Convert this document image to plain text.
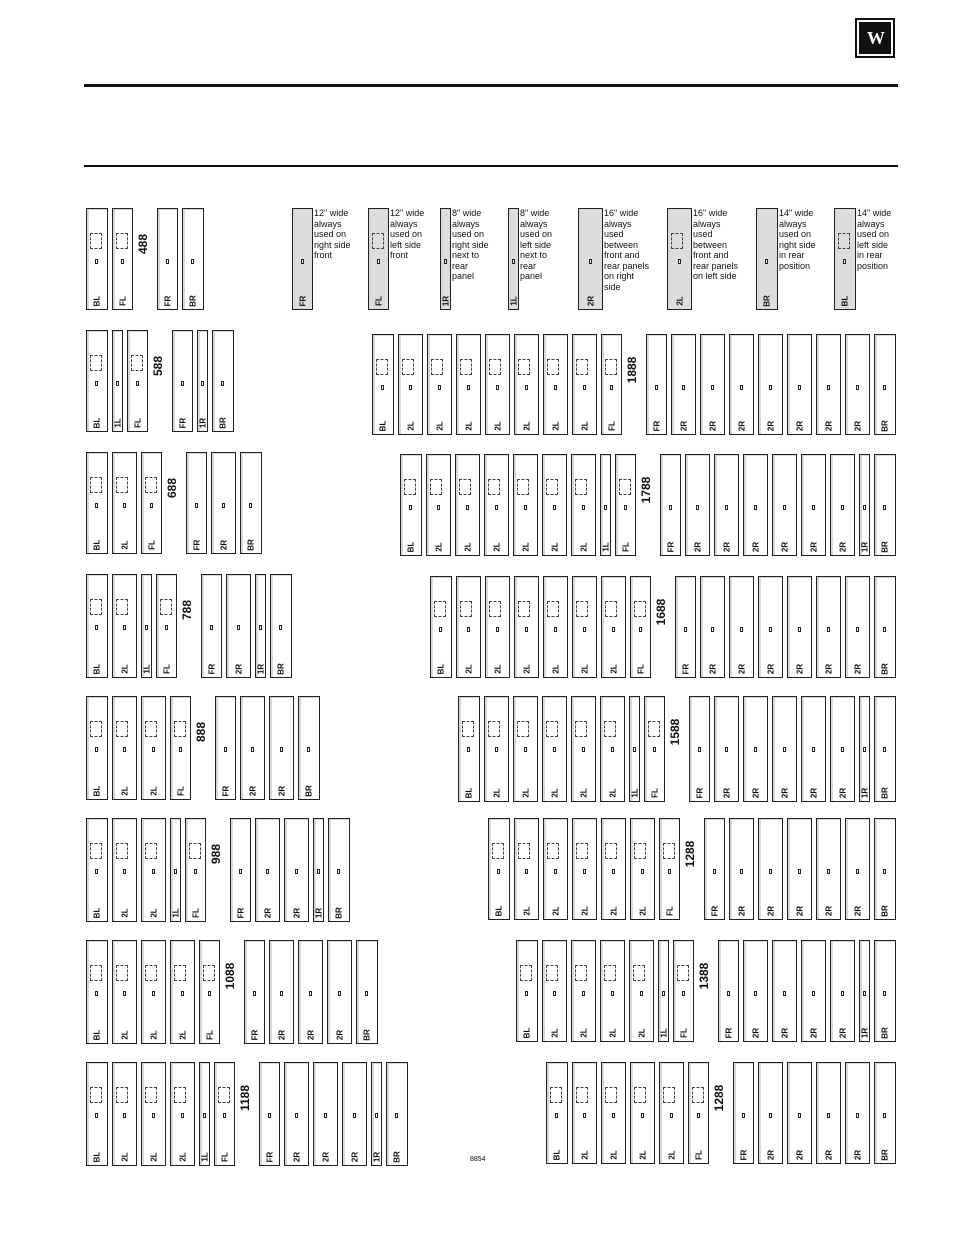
W
FR
12" wide
always
used on
right side
front
FL
12" wide
always
used on
left side
front
1R
8" wide
always
used on
right side
next to
rear
panel
1L
8" wide
always
used on
left side
next to
rear
panel
2R
16" wide
always
used
between
front and
rear panels
on right
side
2L
16" wide
always
used
between
front and
rear panels
on left side
BR
14" wide
always
used on
right side
in rear
position
BL
14" wide
always
used on
left side
in rear
position
BL FL
488
FR BR
BL 1L FL
588
FR 1R BR
BL 2L FL
688
FR 2R BR
BL 2L 1L FL
788
FR 2R 1R BR
BL 2L	2L FL
888
FR 2R	2R BR
BL 2L	2L 1L FL
988
FR 2R	2R 1R BR
BL 2L	2L	2L FL
1088
FR 2R	2R	2R BR
BL 2L	2L	2L 1L FL
1188
FR 2R	2R	2R 1R BR
BL 2L	2L	2L	2L	2L	2L	2L FL
1888
FR 2R	2R	2R	2R	2R	2R	2R BR
BL 2L	2L	2L	2L	2L	2L 1L FL
1788
FR 2R	2R	2R	2R	2R	2R 1R BR
BL 2L	2L	2L	2L	2L	2L FL
1688
FR 2R	2R	2R	2R	2R	2R BR
BL 2L	2L	2L	2L	2L 1L FL
1588
FR 2R	2R	2R	2R	2R 1R BR
BL 2L	2L	2L	2L	2L FL
1288
FR 2R	2R	2R	2R	2R BR
BL 2L	2L	2L	2L 1L FL
1388
FR 2R	2R	2R	2R 1R BR
BL 2L	2L	2L	2L FL
1288
FR 2R	2R	2R	2R BR
8854
